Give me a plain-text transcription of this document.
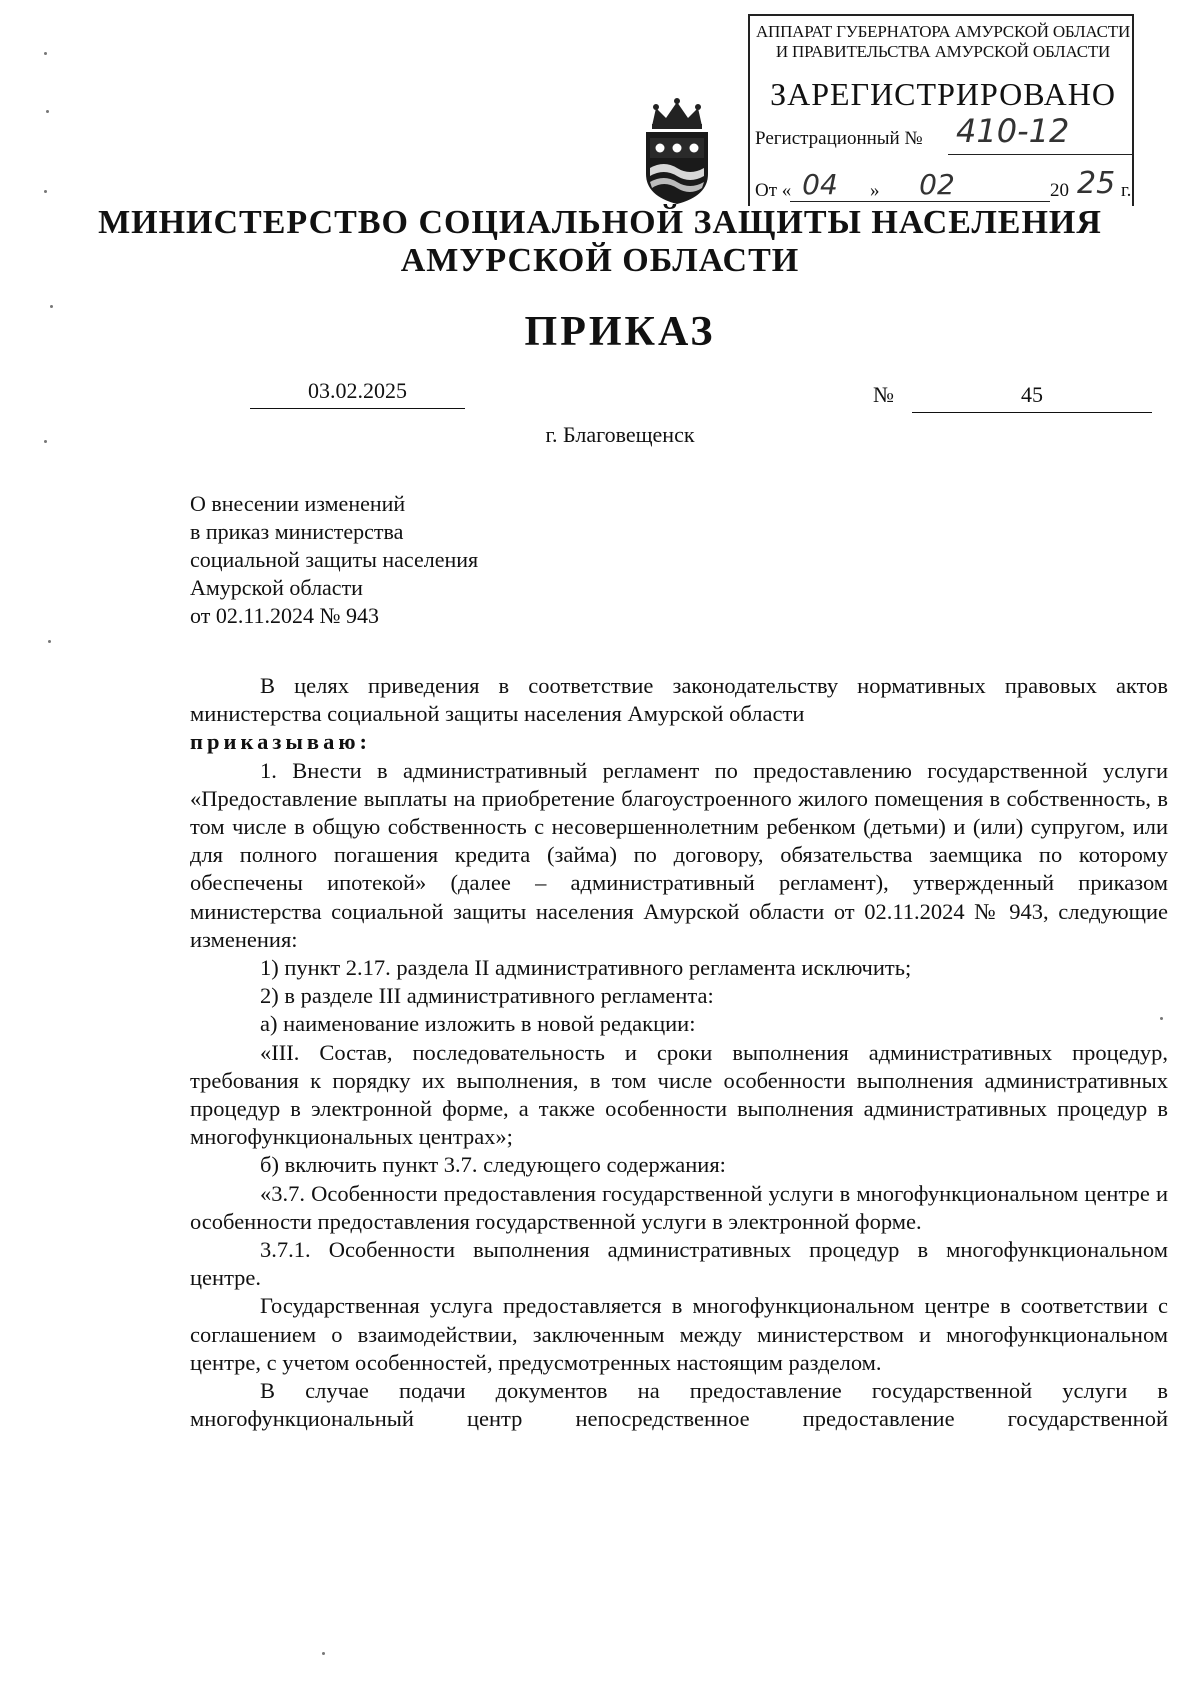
АППАРАТ ГУБЕРНАТОРА АМУРСКОЙ ОБЛАСТИ
И ПРАВИТЕЛЬСТВА АМУРСКОЙ ОБЛАСТИ
ЗАРЕГИСТРИРОВАНО
Регистрационный № 410-12
От « 04	»	02	20 25 г.
МИНИСТЕРСТВО СОЦИАЛЬНОЙ ЗАЩИТЫ НАСЕЛЕНИЯ
АМУРСКОЙ ОБЛАСТИ
ПРИКАЗ
03.02.2025	№	45
г. Благовещенск
О внесении изменений
в приказ министерства
социальной защиты населения
Амурской области
от 02.11.2024 № 943

В целях приведения в соответствие законодательству нормативных правовых актов министерства социальной защиты населения Амурской области

приказываю:

1. Внести в административный регламент по предоставлению государственной услуги «Предоставление выплаты на приобретение благоустроенного жилого помещения в собственность, в том числе в общую собственность с несовершеннолетним ребенком (детьми) и (или) супругом, или для полного погашения кредита (займа) по договору, обязательства заемщика по которому обеспечены ипотекой» (далее – административный регламент), утвержденный приказом министерства социальной защиты населения Амурской области от 02.11.2024 № 943, следующие изменения:

1) пункт 2.17. раздела II административного регламента исключить;

2) в разделе III административного регламента:

а) наименование изложить в новой редакции:

«III. Состав, последовательность и сроки выполнения административных процедур, требования к порядку их выполнения, в том числе особенности выполнения административных процедур в электронной форме, а также особенности выполнения административных процедур в многофункциональных центрах»;

б) включить пункт 3.7. следующего содержания:

«3.7. Особенности предоставления государственной услуги в многофункциональном центре и особенности предоставления государственной услуги в электронной форме.

3.7.1. Особенности выполнения административных процедур в многофункциональном центре.

Государственная услуга предоставляется в многофункциональном центре в соответствии с соглашением о взаимодействии, заключенным между министерством и многофункциональном центре, с учетом особенностей, предусмотренных настоящим разделом.

В случае подачи документов на предоставление государственной услуги в многофункциональный центр непосредственное предоставление государственной
